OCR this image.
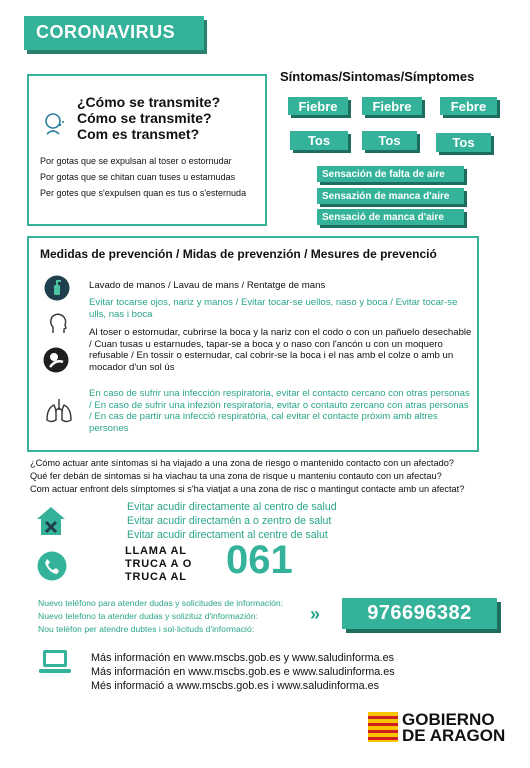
CORONAVIRUS
¿Cómo se transmite?
Cómo se transmite?
Com es transmet?
Por gotas que se expulsan al toser o estornudar
Por gotas que se chitan cuan tuses u estarnudas
Per gotes que s'expulsen quan es tus o s'esternuda
Síntomas/Sintomas/Símptomes
Fiebre	Fiebre	Febre
Tos	Tos	Tos
Sensación de falta de aire
Sensazión de manca d'aire
Sensació de manca d'aire
Medidas de prevención / Midas de prevenzión / Mesures de prevenció
Lavado de manos / Lavau de mans / Rentatge de mans
Evitar tocarse ojos, nariz y manos / Evitar tocar-se uellos, naso y boca / Evitar tocar-se ulls, nas i boca
Al toser o estornudar, cubrirse la boca y la nariz con el codo o con un pañuelo desechable / Cuan tusas u estarnudes, tapar-se a boca y o naso con l'ancón u con un moquero refusable / En tossir o esternudar, cal cobrir-se la boca i el nas amb el colze o amb un mocador d'un sol ús
En caso de sufrir una infección respiratoria, evitar el contacto cercano con otras personas / En caso de sufrir una infezión respiratoria, evitar o contauto zercano con atras personas / En cas de partir una infecció respiratòria, cal evitar el contacte pròxim amb altres persones
¿Cómo actuar ante síntomas si ha viajado a una zona de riesgo o mantenido contacto con un afectado?
Qué fer debán de sintomas si ha viachau ta una zona de risque u manteniu contauto con un afectau?
Com actuar enfront dels símptomes si s'ha viatjat a una zona de risc o mantingut contacte amb un afectat?
Evitar acudir directamente al centro de salud
Evitar acudir directamén a o zentro de salut
Evitar acudir directament al centre de salut
LLAMA AL
TRUCA A O
TRUCA AL 061
Nuevo teléfono para atender dudas y solicitudes de información:
Nuevo telefono ta atender dudas y solizituz d'informazión:
Nou telèfon per atendre dubtes i sol·licituds d'informació:
»	976696382
Más información en www.mscbs.gob.es y www.saludinforma.es
Más información en www.mscbs.gob.es e www.saludinforma.es
Més informació a www.mscbs.gob.es i www.saludinforma.es
GOBIERNO
DE ARAGON
